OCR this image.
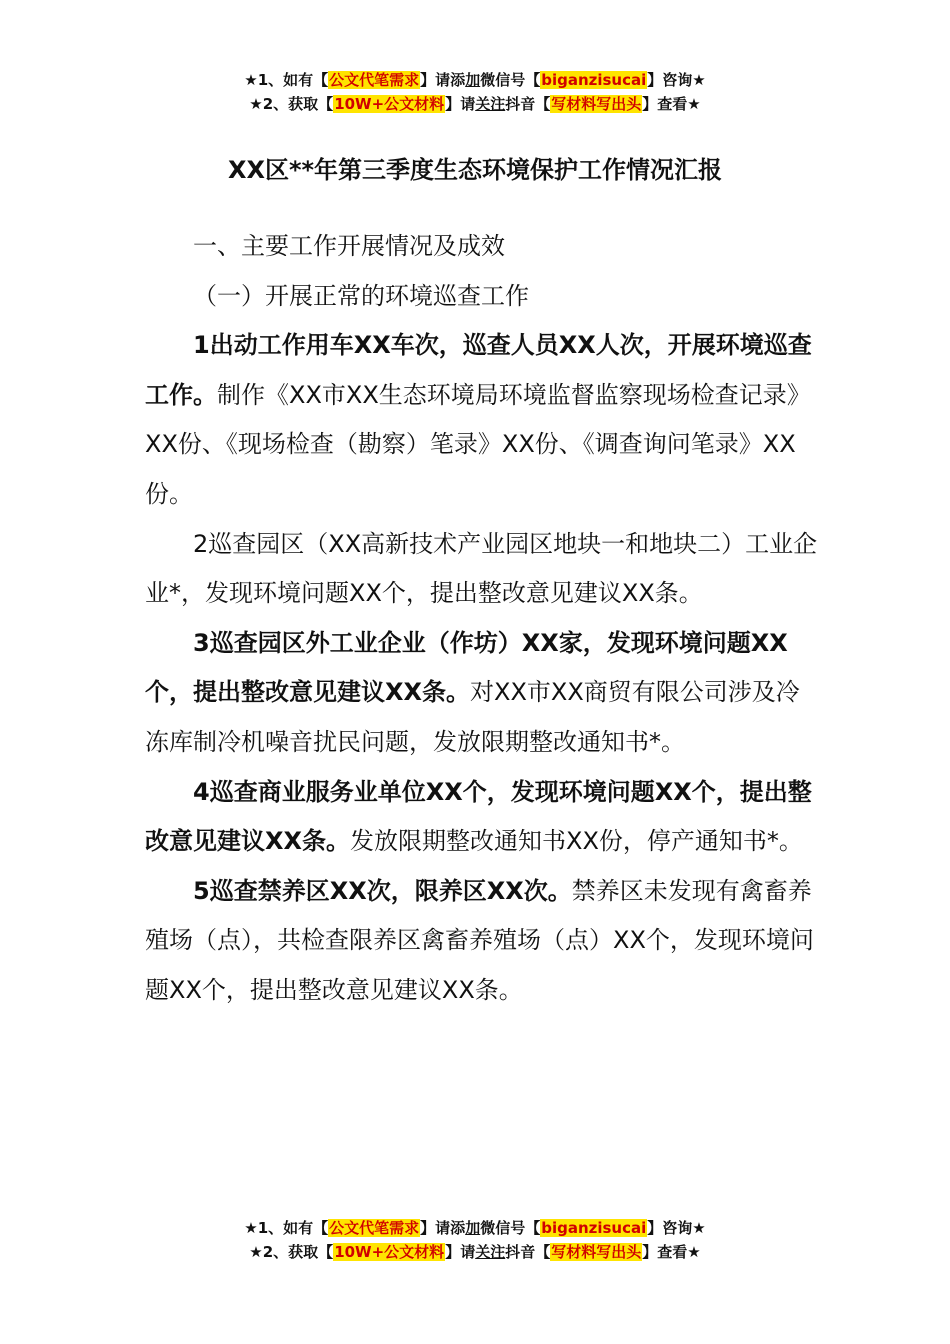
★1、如有【公文代笔需求】请添加微信号【biganzisucai】咨询★
★2、获取【10W+公文材料】请关注抖音【写材料写出头】查看★
XX区**年第三季度生态环境保护工作情况汇报

一、主要工作开展情况及成效

（一）开展正常的环境巡查工作

1出动工作用车XX车次，巡查人员XX人次，开展环境巡查工作。制作《XX市XX生态环境局环境监督监察现场检查记录》XX份、《现场检查（勘察）笔录》XX份、《调查询问笔录》XX份。

2巡查园区（XX高新技术产业园区地块一和地块二）工业企业*，发现环境问题XX个，提出整改意见建议XX条。

3巡查园区外工业企业（作坊）XX家，发现环境问题XX个，提出整改意见建议XX条。对XX市XX商贸有限公司涉及冷冻库制冷机噪音扰民问题，发放限期整改通知书*。

4巡查商业服务业单位XX个，发现环境问题XX个，提出整改意见建议XX条。发放限期整改通知书XX份，停产通知书*。

5巡查禁养区XX次，限养区XX次。禁养区未发现有禽畜养殖场（点），共检查限养区禽畜养殖场（点）XX个，发现环境问题XX个，提出整改意见建议XX条。

★1、如有【公文代笔需求】请添加微信号【biganzisucai】咨询★
★2、获取【10W+公文材料】请关注抖音【写材料写出头】查看★
